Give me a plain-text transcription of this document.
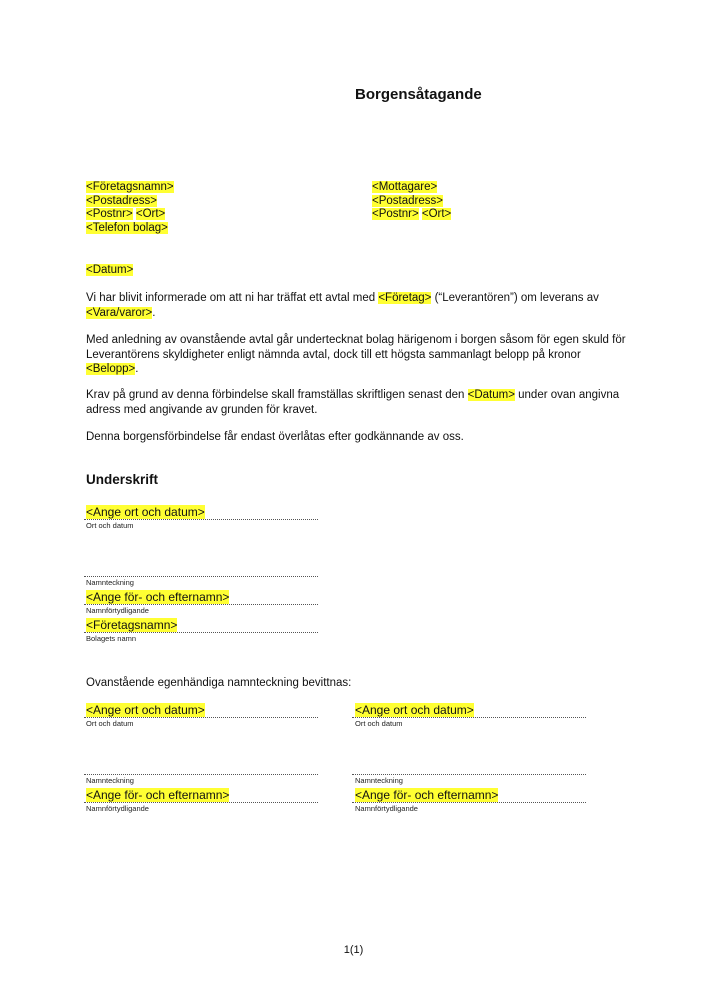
Borgensåtagande
<Företagsnamn>
<Postadress>
<Postnr> <Ort>
<Telefon bolag>
<Mottagare>
<Postadress>
<Postnr> <Ort>
<Datum>
Vi har blivit informerade om att ni har träffat ett avtal med <Företag> (“Leverantören”) om leverans av <Vara/varor>.
Med anledning av ovanstående avtal går undertecknat bolag härigenom i borgen såsom för egen skuld för Leverantörens skyldigheter enligt nämnda avtal, dock till ett högsta sammanlagt belopp på kronor <Belopp>.
Krav på grund av denna förbindelse skall framställas skriftligen senast den <Datum> under ovan angivna adress med angivande av grunden för kravet.
Denna borgensförbindelse får endast överlåtas efter godkännande av oss.
Underskrift
<Ange ort och datum>
Ort och datum
Namnteckning
<Ange för- och efternamn>
Namnförtydligande
<Företagsnamn>
Bolagets namn
Ovanstående egenhändiga namnteckning bevittnas:
<Ange ort och datum>
Ort och datum
Namnteckning
<Ange för- och efternamn>
Namnförtydligande
<Ange ort och datum>
Ort och datum
Namnteckning
<Ange för- och efternamn>
Namnförtydligande
1(1)
